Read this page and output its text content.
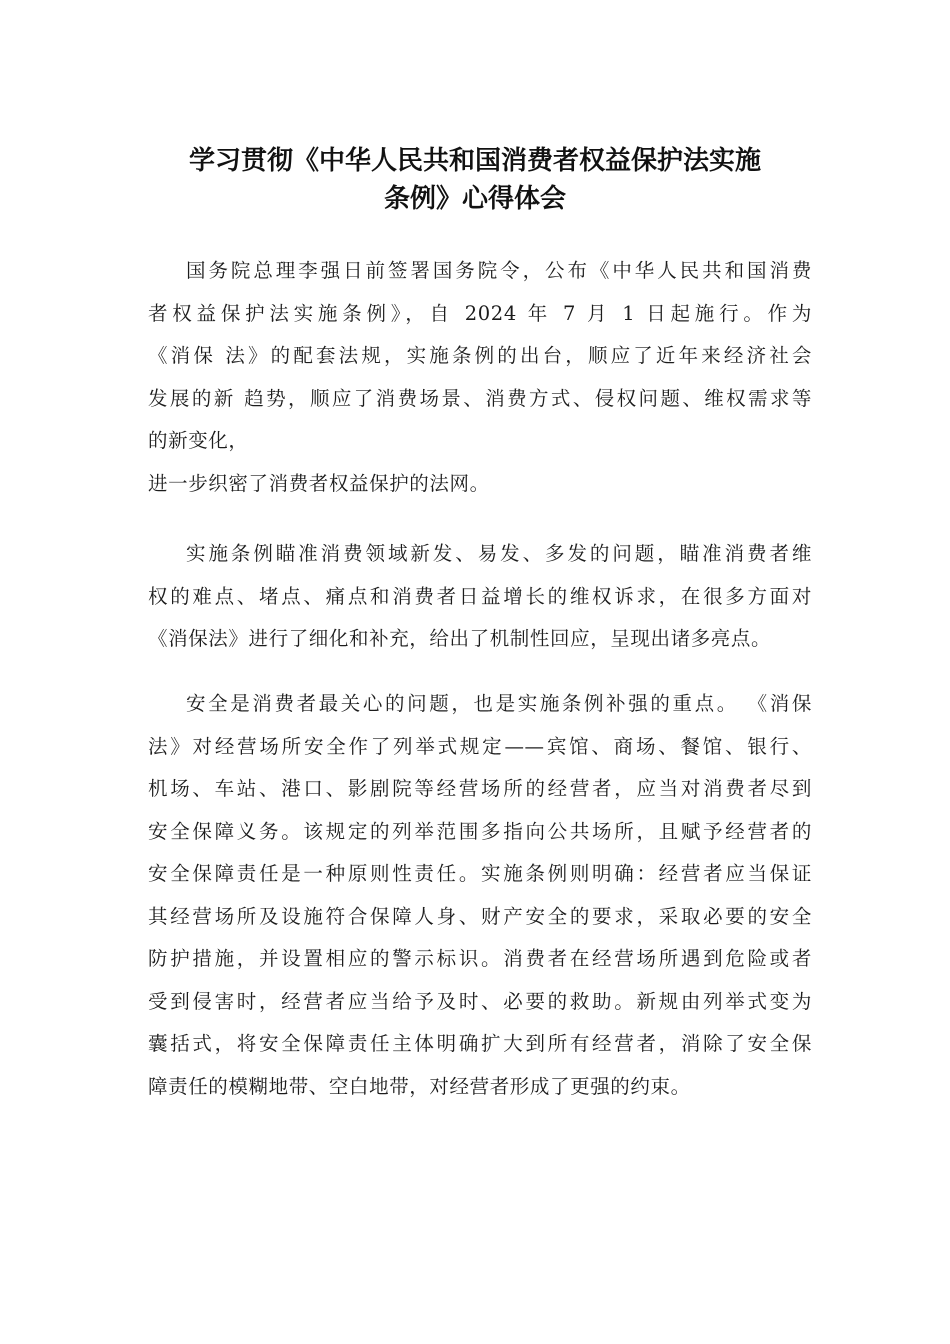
学习贯彻《中华人民共和国消费者权益保护法实施
条例》心得体会
国务院总理李强日前签署国务院令，公布《中华人民共和国消费
者权益保护法实施条例》，自 2024 年 7 月 1 日起施行。作为
《消保 法》的配套法规，实施条例的出台，顺应了近年来经济社会
发展的新 趋势，顺应了消费场景、消费方式、侵权问题、维权需求等
的新变化，
进一步织密了消费者权益保护的法网。
实施条例瞄准消费领域新发、易发、多发的问题，瞄准消费者维
权的难点、堵点、痛点和消费者日益增长的维权诉求，在很多方面对
《消保法》进行了细化和补充，给出了机制性回应，呈现出诸多亮点。
安全是消费者最关心的问题，也是实施条例补强的重点。 《消保
法》对经营场所安全作了列举式规定——宾馆、商场、餐馆、银行、
机场、车站、港口、影剧院等经营场所的经营者，应当对消费者尽到
安全保障义务。该规定的列举范围多指向公共场所，且赋予经营者的
安全保障责任是一种原则性责任。实施条例则明确：经营者应当保证
其经营场所及设施符合保障人身、财产安全的要求，采取必要的安全
防护措施，并设置相应的警示标识。消费者在经营场所遇到危险或者
受到侵害时，经营者应当给予及时、必要的救助。新规由列举式变为
囊括式，将安全保障责任主体明确扩大到所有经营者，消除了安全保
障责任的模糊地带、空白地带，对经营者形成了更强的约束。
